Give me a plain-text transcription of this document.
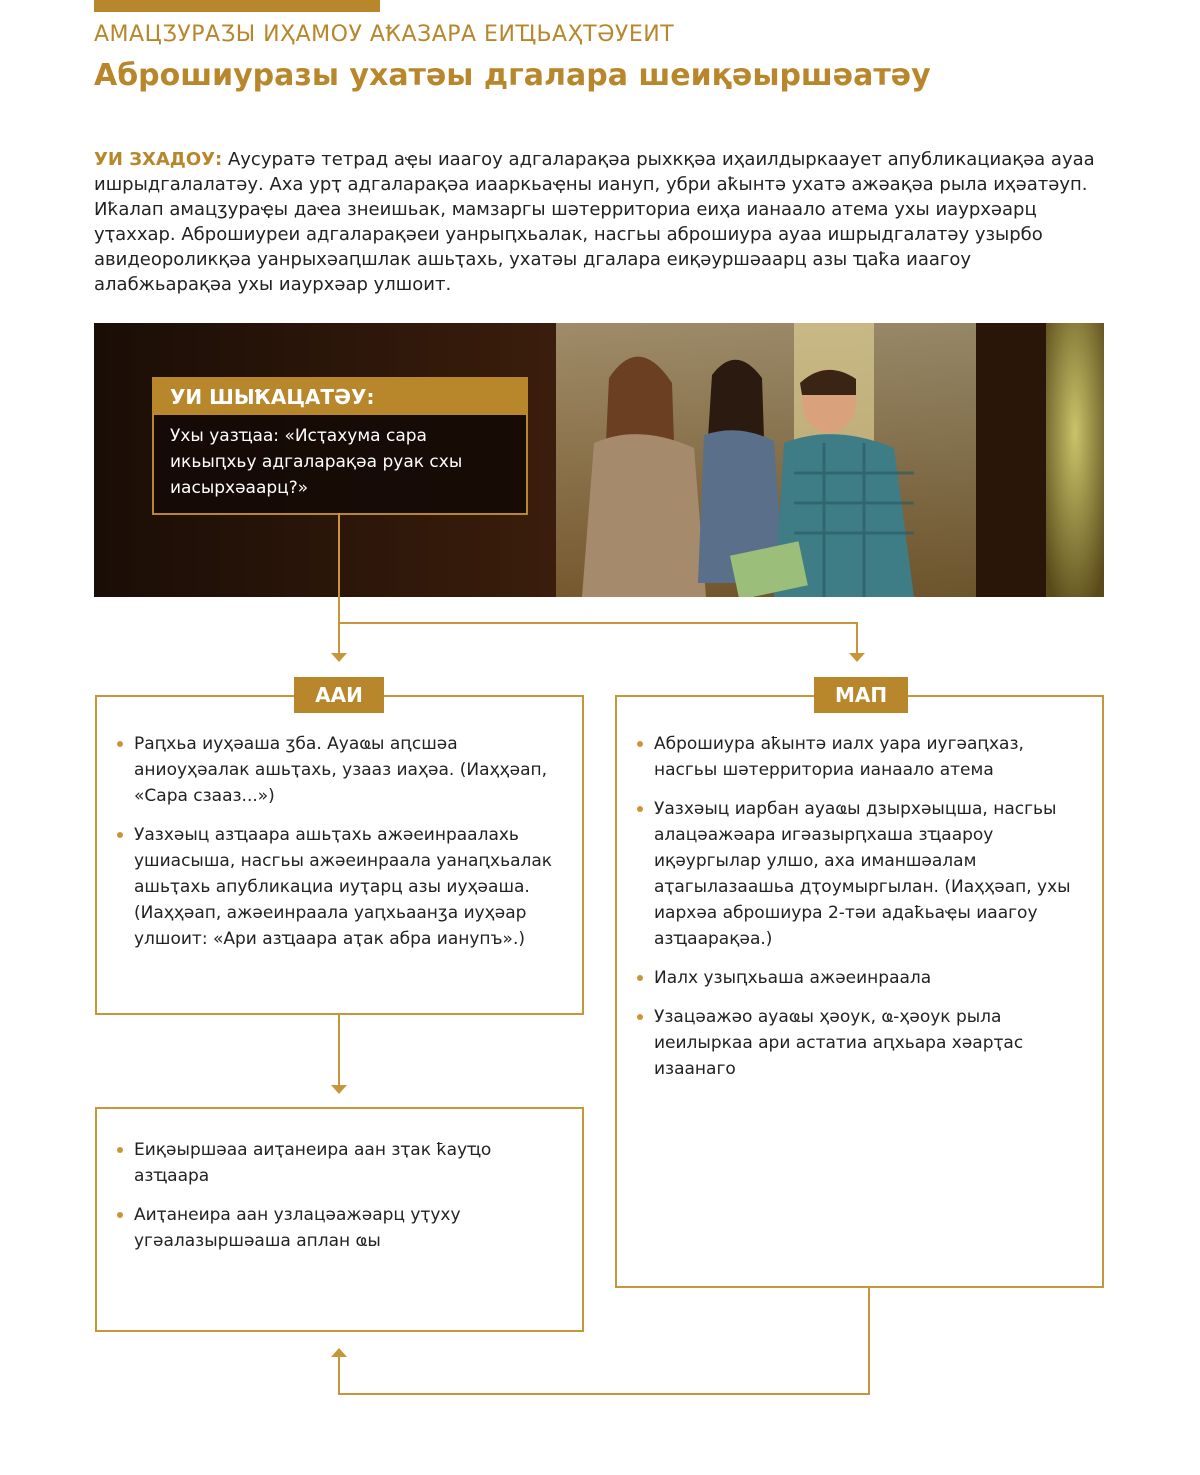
АМАЦӠУРАӠЫ ИҲАМОУ АҞАЗАРА ЕИҴЬАҲТӘУЕИТ
Аброшиуразы ухатәы дгалара шеиқәыршәатәу
УИ ЗХАДОУ: Аусуратә тетрад аҿы иаагоу адгаларақәа рыхкқәа иҳаилдыркааует апубликациақәа ауаа ишрыдгалалатәу. Аха урҭ адгаларақәа иааркьаҿны иануп, убри аҟынтә ухатә ажәақәа рыла иҳәатәуп. Иҟалап амацӡураҿы даҽа знеишьак, мамзаргы шәтерриториа еиҳа ианаало атема ухы иаурхәарц уҭаххар. Аброшиуреи адгаларақәеи уанрыԥхьалак, насгьы аброшиура ауаа ишрыдгалатәу узырбо авидеороликқәа уанрыхәаԥшлак ашьҭахь, ухатәы дгалара еиқәуршәаарц азы ҵаҟа иаагоу алабжьарақәа ухы иаурхәар улшоит.
УИ ШЫҞАЦАТӘУ:
Ухы уазҵаа: «Исҭахума сара икьыԥхьу адгаларақәа руак схы иасырхәаарц?»
Раԥхьа иуҳәаша ӡба. Ауаҩы аԥсшәа аниоуҳәалак ашьҭахь, узааз иаҳәа. (Иаҳҳәап, «Сара сзааз...»)
Уазхәыц азҵаара ашьҭахь ажәеинраалахь ушиасыша, насгьы ажәеинраала уанаԥхьалак ашьҭахь апубликациа иуҭарц азы иуҳәаша. (Иаҳҳәап, ажәеинраала уаԥхьаанӡа иуҳәар улшоит: «Ари азҵаара аҭак абра ианупъ».)
ААИ
Аброшиура аҟынтә иалх уара иугәаԥхаз, насгьы шәтерриториа ианаало атема
Уазхәыц иарбан ауаҩы дзырхәыцша, насгьы алацәажәара игәазырԥхаша зҵаароу иқәургылар улшо, аха иманшәалам аҭагылазаашьа дҭоумыргылан. (Иаҳҳәап, ухы иархәа аброшиура 2-тәи адаҟьаҿы иаагоу азҵаарақәа.)
Иалх узыԥхьаша ажәеинраала
Узацәажәо ауаҩы ҳәоук, ҩ-ҳәоук рыла иеилыркаа ари астатиа аԥхьара хәарҭас изаанаго
МАП
Еиқәыршәаа аиҭанеира аан зҭак ҟауҵо азҵаара
Аиҭанеира аан узлацәажәарц уҭуху угәалазыршәаша аплан ҩы
